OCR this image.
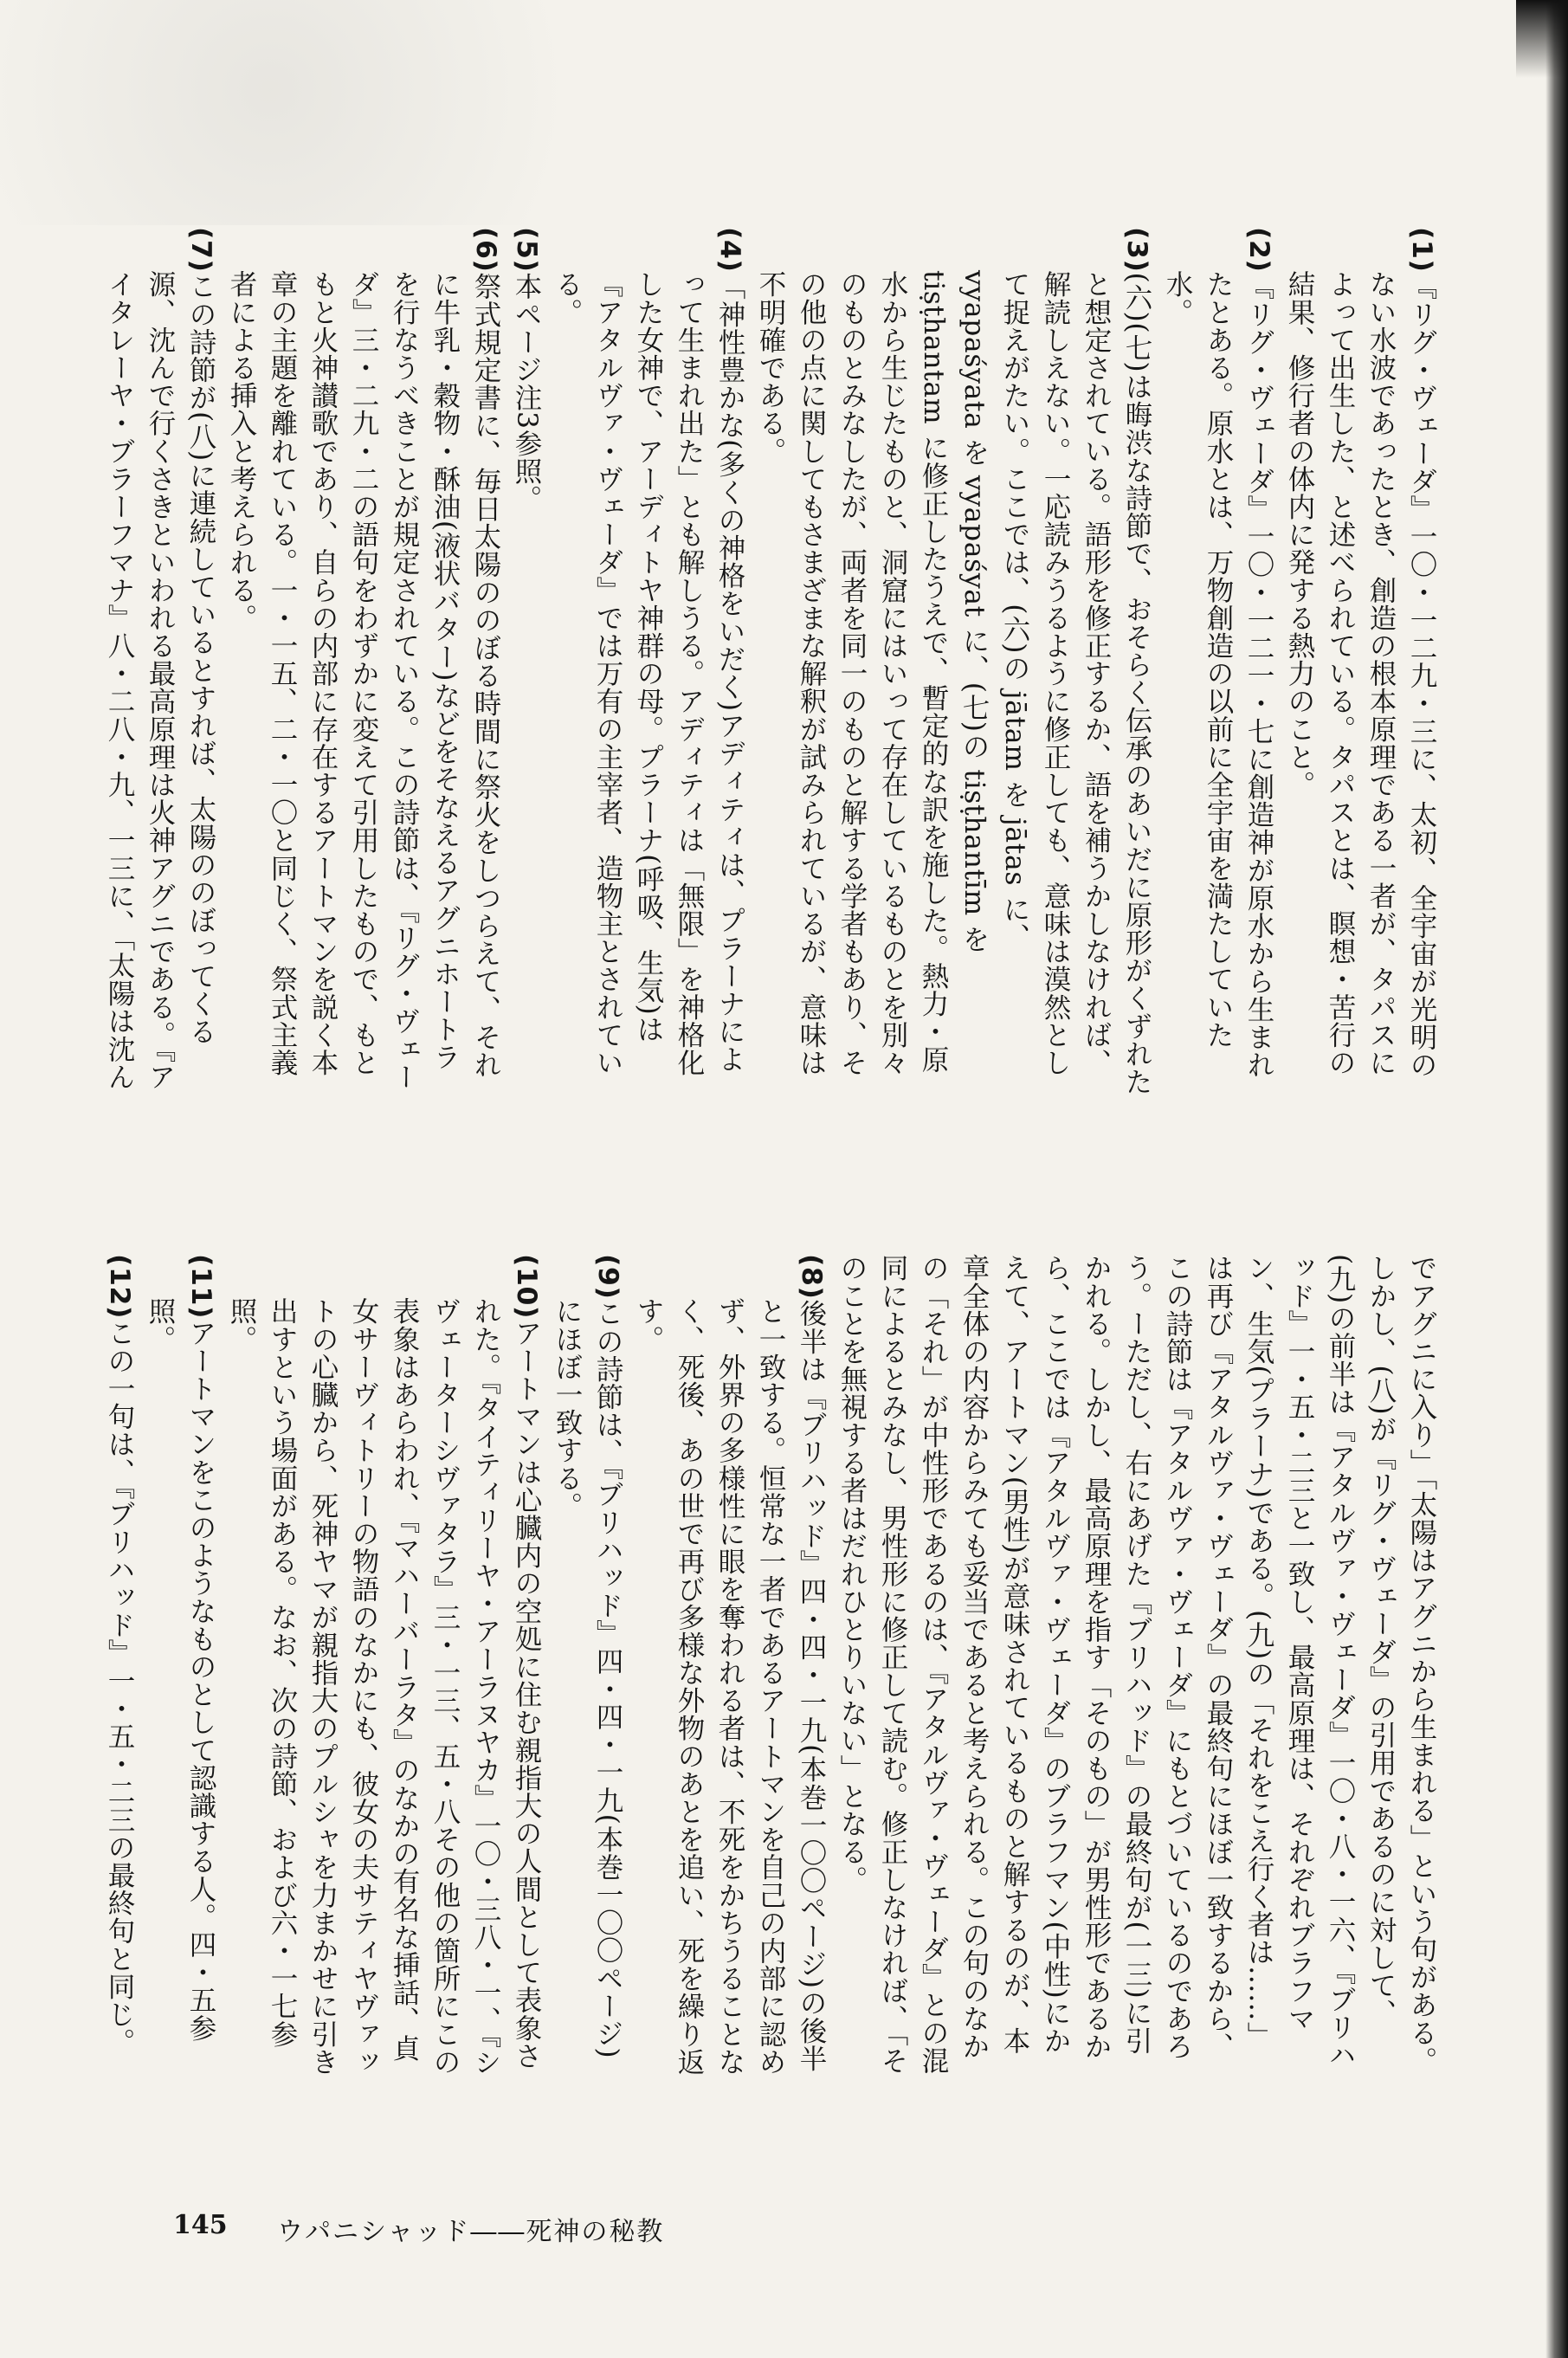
(1)『リグ・ヴェーダ』一〇・一二九・三に、太初、全宇宙が光明のない水波であったとき、創造の根本原理である一者が、タパスによって出生した、と述べられている。タパスとは、瞑想・苦行の結果、修行者の体内に発する熱力のこと。

(2)『リグ・ヴェーダ』一〇・一二一・七に創造神が原水から生まれたとある。原水とは、万物創造の以前に全宇宙を満たしていた水。

(3)(六)(七)は晦渋な詩節で、おそらく伝承のあいだに原形がくずれたと想定されている。語形を修正するか、語を補うかしなければ、解読しえない。一応読みうるように修正しても、意味は漠然として捉えがたい。ここでは、(六)の jātam を jātas に、vyapaśyata を vyapaśyat に、(七)の tiṣṭhantīm を tiṣṭhantam に修正したうえで、暫定的な訳を施した。熱力・原水から生じたものと、洞窟にはいって存在しているものとを別々のものとみなしたが、両者を同一のものと解する学者もあり、その他の点に関してもさまざまな解釈が試みられているが、意味は不明確である。

(4)「神性豊かな(多くの神格をいだく)アディティは、プラーナによって生まれ出た」とも解しうる。アディティは「無限」を神格化した女神で、アーディトヤ神群の母。プラーナ(呼吸、生気)は『アタルヴァ・ヴェーダ』では万有の主宰者、造物主とされている。

(5)本ページ注3参照。

(6)祭式規定書に、毎日太陽ののぼる時間に祭火をしつらえて、それに牛乳・穀物・酥油(液状バター)などをそなえるアグニホートラを行なうべきことが規定されている。この詩節は、『リグ・ヴェーダ』三・二九・二の語句をわずかに変えて引用したもので、もともと火神讃歌であり、自らの内部に存在するアートマンを説く本章の主題を離れている。一・一五、二・一〇と同じく、祭式主義者による挿入と考えられる。

(7)この詩節が(八)に連続しているとすれば、太陽ののぼってくる源、沈んで行くさきといわれる最高原理は火神アグニである。『アイタレーヤ・ブラーフマナ』八・二八・九、一三に、「太陽は沈ん

でアグニに入り」「太陽はアグニから生まれる」という句がある。しかし、(八)が『リグ・ヴェーダ』の引用であるのに対して、(九)の前半は『アタルヴァ・ヴェーダ』一〇・八・一六、『ブリハッド』一・五・二三と一致し、最高原理は、それぞれブラフマン、生気(プラーナ)である。(九)の「それをこえ行く者は……」は再び『アタルヴァ・ヴェーダ』の最終句にほぼ一致するから、この詩節は『アタルヴァ・ヴェーダ』にもとづいているのであろう。ーただし、右にあげた『ブリハッド』の最終句が(一三)に引かれる。しかし、最高原理を指す「そのもの」が男性形であるから、ここでは『アタルヴァ・ヴェーダ』のブラフマン(中性)にかえて、アートマン(男性)が意味されているものと解するのが、本章全体の内容からみても妥当であると考えられる。この句のなかの「それ」が中性形であるのは、『アタルヴァ・ヴェーダ』との混同によるとみなし、男性形に修正して読む。修正しなければ、「そのことを無視する者はだれひとりいない」となる。

(8)後半は『ブリハッド』四・四・一九(本巻一〇〇ページ)の後半と一致する。恒常な一者であるアートマンを自己の内部に認めず、外界の多様性に眼を奪われる者は、不死をかちうることなく、死後、あの世で再び多様な外物のあとを追い、死を繰り返す。

(9)この詩節は、『ブリハッド』四・四・一九(本巻一〇〇ページ)にほぼ一致する。

(10)アートマンは心臓内の空処に住む親指大の人間として表象された。『タイティリーヤ・アーラヌヤカ』一〇・三八・一、『シヴェーターシヴァタラ』三・一三、五・八その他の箇所にこの表象はあらわれ、『マハーバーラタ』のなかの有名な挿話、貞女サーヴィトリーの物語のなかにも、彼女の夫サティヤヴァットの心臓から、死神ヤマが親指大のプルシャを力まかせに引き出すという場面がある。なお、次の詩節、および六・一七参照。

(11)アートマンをこのようなものとして認識する人。四・五参照。

(12)この一句は、『ブリハッド』一・五・二三の最終句と同じ。

145 ウパニシャッド――死神の秘教
